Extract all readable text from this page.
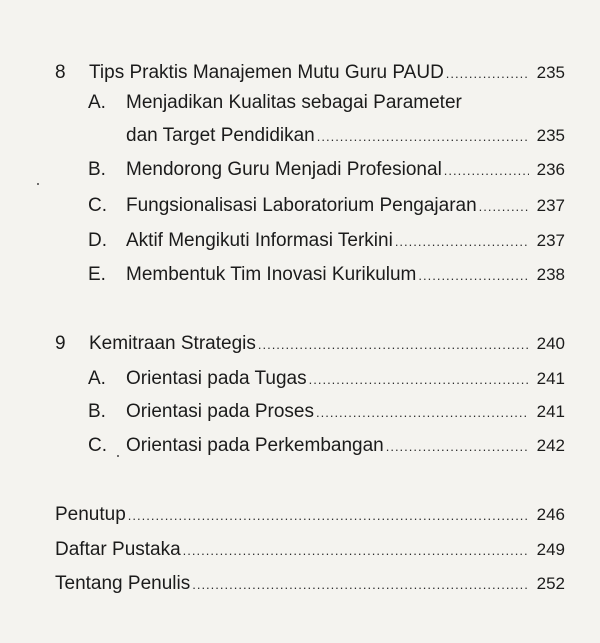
8	Tips Praktis Manajemen Mutu Guru PAUD .....	235
A. Menjadikan Kualitas sebagai Parameter
dan Target Pendidikan .....	235
B.	Mendorong Guru Menjadi Profesional .....	236
C.	Fungsionalisasi Laboratorium Pengajaran .....	237
D.	Aktif Mengikuti Informasi Terkini .....	237
E.	Membentuk Tim Inovasi Kurikulum .....	238
9	Kemitraan Strategis .....	240
A.	Orientasi pada Tugas .....	241
B.	Orientasi pada Proses .....	241
C.	Orientasi pada Perkembangan .....	242
Penutup .....	246
Daftar Pustaka .....	249
Tentang Penulis .....	252
